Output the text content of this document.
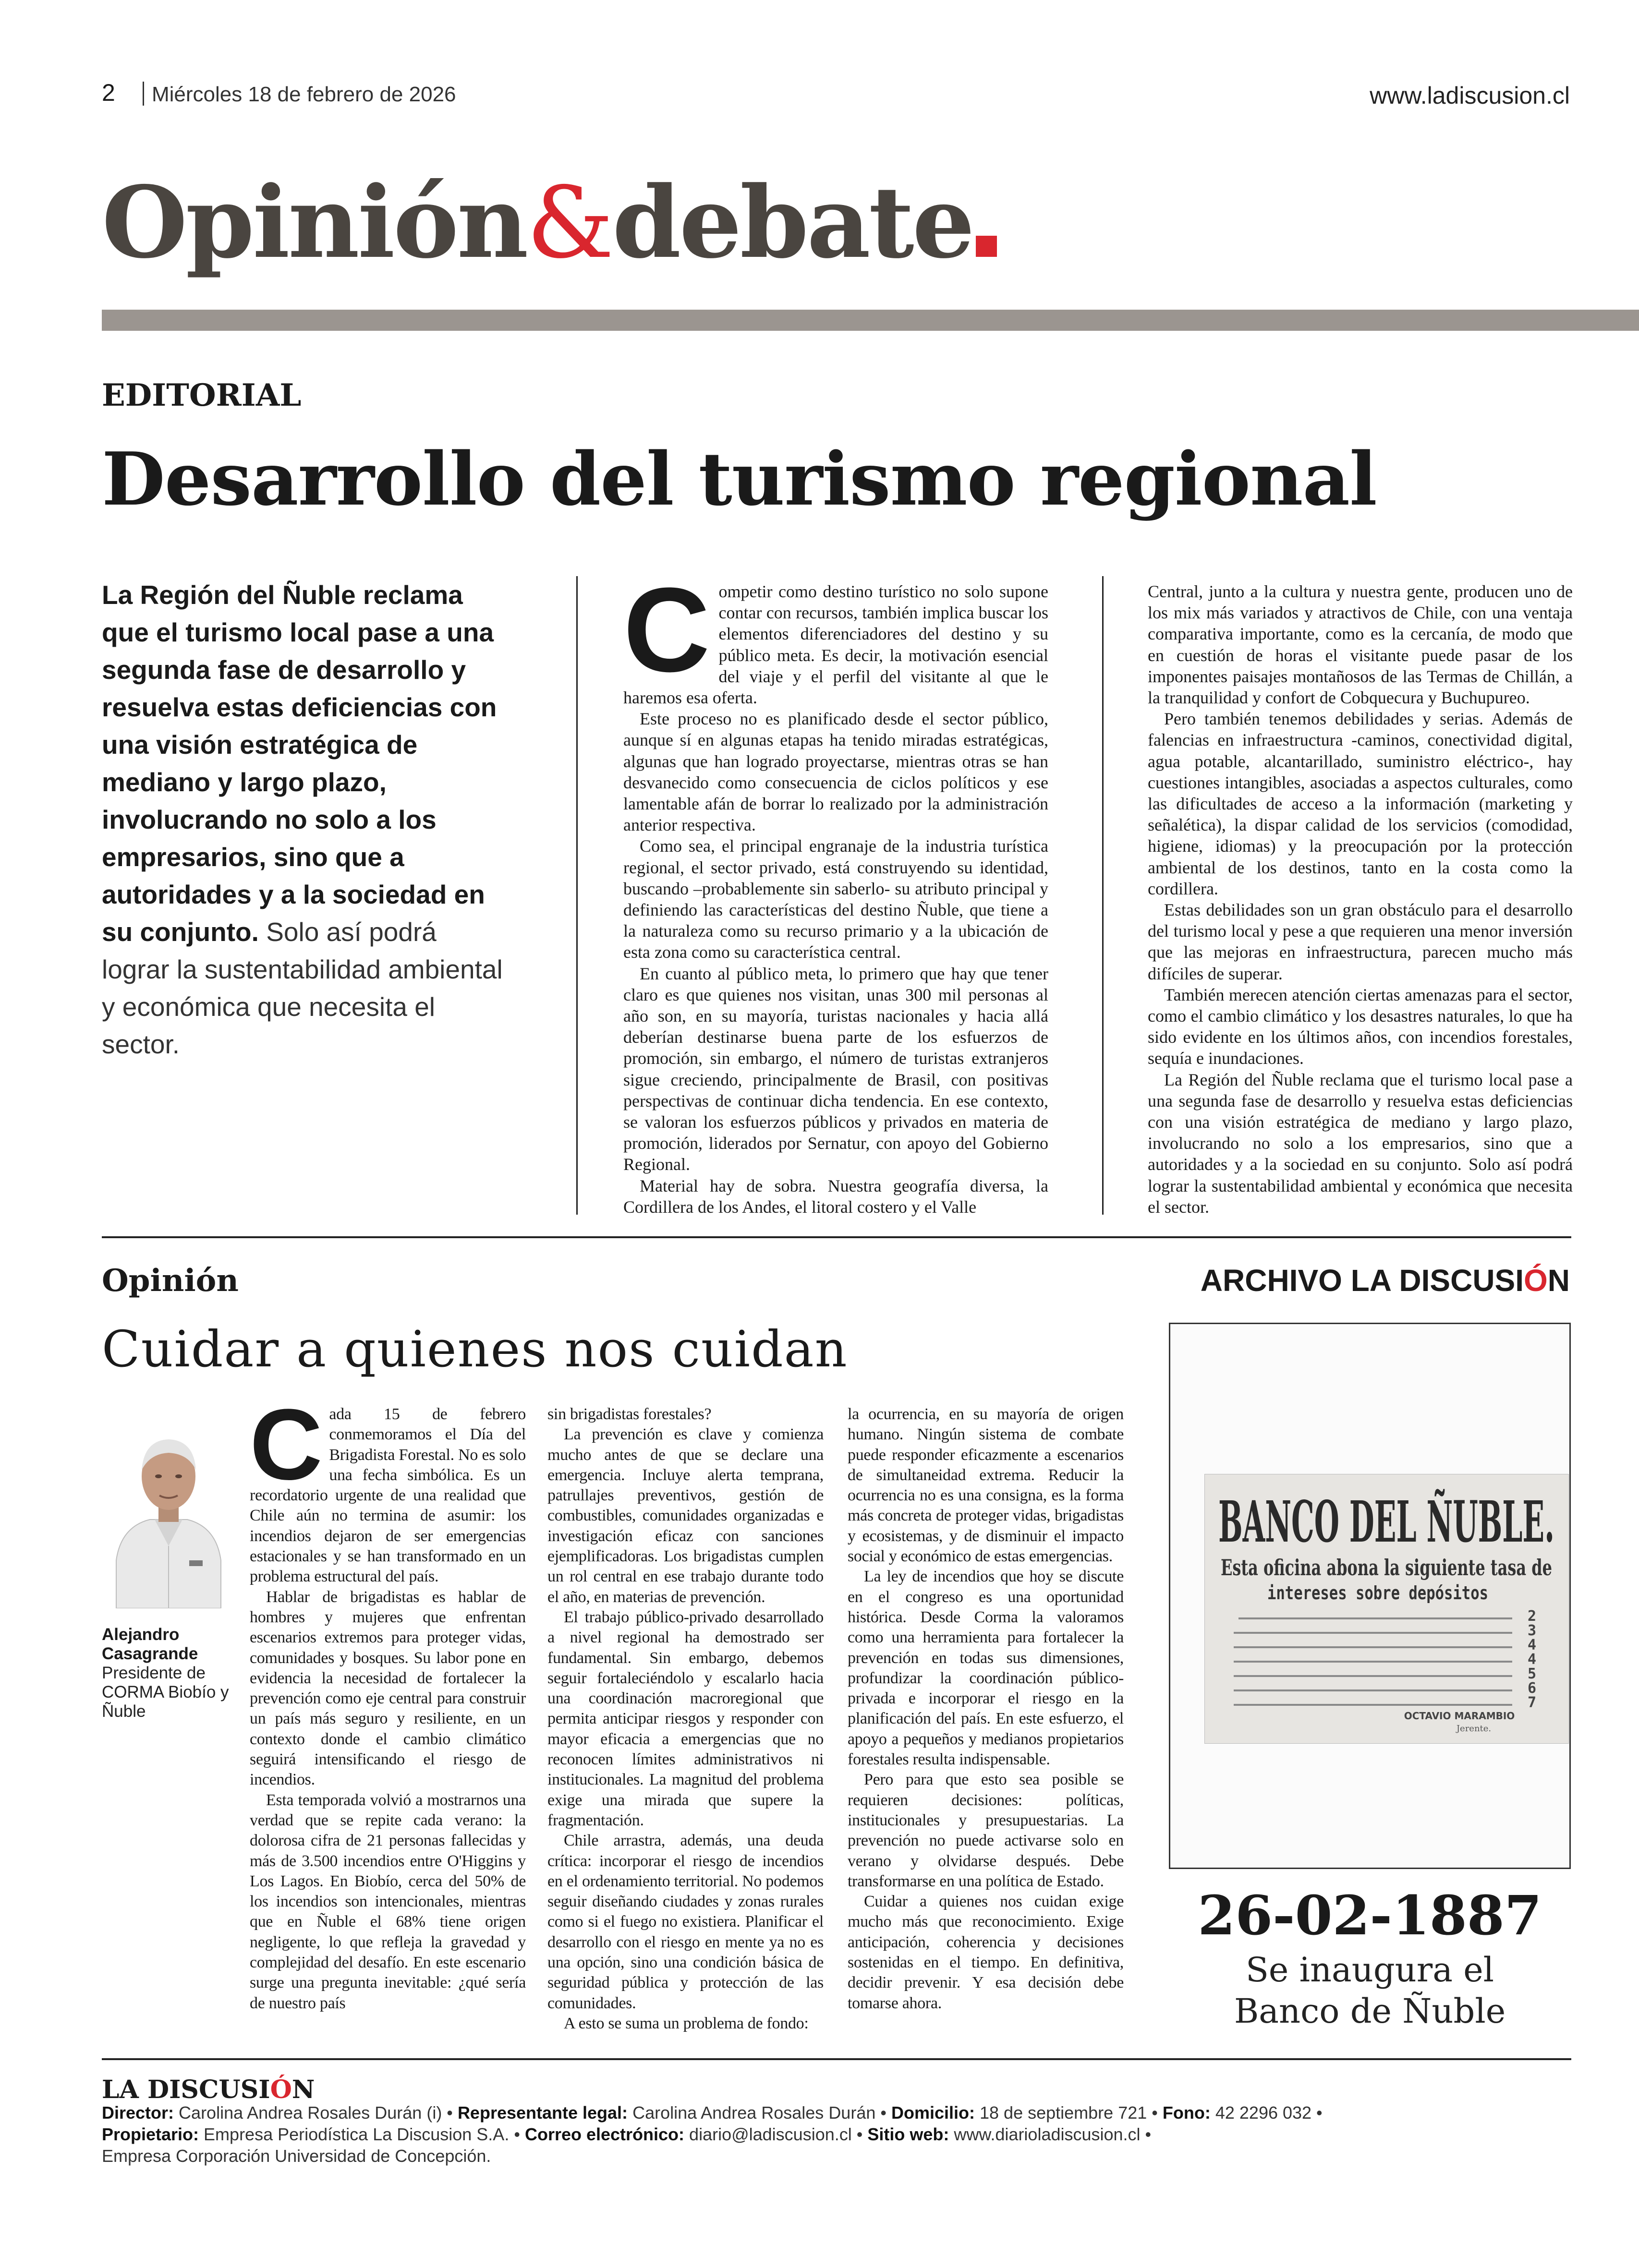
2 Miércoles 18 de febrero de 2026	www.ladiscusion.cl
Opinión&debate
EDITORIAL
Desarrollo del turismo regional
La Región del Ñuble reclama que el turismo local pase a una segunda fase de desarrollo y resuelva estas deficiencias con una visión estratégica de mediano y largo plazo, involucrando no solo a los empresarios, sino que a autoridades y a la sociedad en su conjunto. Solo así podrá lograr la sustentabilidad ambiental y económica que necesita el sector.
C ompetir como destino turístico no solo supone contar con recursos, también implica buscar los elementos diferenciadores del destino y su público meta. Es decir, la motivación esencial del viaje y el perfil del visitante al que le haremos esa oferta.

Este proceso no es planificado desde el sector público, aunque sí en algunas etapas ha tenido miradas estratégicas, algunas que han logrado proyectarse, mientras otras se han desvanecido como consecuencia de ciclos políticos y ese lamentable afán de borrar lo realizado por la administración anterior respectiva.

Como sea, el principal engranaje de la industria turística regional, el sector privado, está construyendo su identidad, buscando –probablemente sin saberlo- su atributo principal y definiendo las características del destino Ñuble, que tiene a la naturaleza como su recurso primario y a la ubicación de esta zona como su característica central.

En cuanto al público meta, lo primero que hay que tener claro es que quienes nos visitan, unas 300 mil personas al año son, en su mayoría, turistas nacionales y hacia allá deberían destinarse buena parte de los esfuerzos de promoción, sin embargo, el número de turistas extranjeros sigue creciendo, principalmente de Brasil, con positivas perspectivas de continuar dicha tendencia. En ese contexto, se valoran los esfuerzos públicos y privados en materia de promoción, liderados por Sernatur, con apoyo del Gobierno Regional.

Material hay de sobra. Nuestra geografía diversa, la Cordillera de los Andes, el litoral costero y el Valle

Central, junto a la cultura y nuestra gente, producen uno de los mix más variados y atractivos de Chile, con una ventaja comparativa importante, como es la cercanía, de modo que en cuestión de horas el visitante puede pasar de los imponentes paisajes montañosos de las Termas de Chillán, a la tranquilidad y confort de Cobquecura y Buchupureo.

Pero también tenemos debilidades y serias. Además de falencias en infraestructura -caminos, conectividad digital, agua potable, alcantarillado, suministro eléctrico-, hay cuestiones intangibles, asociadas a aspectos culturales, como las dificultades de acceso a la información (marketing y señalética), la dispar calidad de los servicios (comodidad, higiene, idiomas) y la preocupación por la protección ambiental de los destinos, tanto en la costa como la cordillera.

Estas debilidades son un gran obstáculo para el desarrollo del turismo local y pese a que requieren una menor inversión que las mejoras en infraestructura, parecen mucho más difíciles de superar.

También merecen atención ciertas amenazas para el sector, como el cambio climático y los desastres naturales, lo que ha sido evidente en los últimos años, con incendios forestales, sequía e inundaciones.

La Región del Ñuble reclama que el turismo local pase a una segunda fase de desarrollo y resuelva estas deficiencias con una visión estratégica de mediano y largo plazo, involucrando no solo a los empresarios, sino que a autoridades y a la sociedad en su conjunto. Solo así podrá lograr la sustentabilidad ambiental y económica que necesita el sector.

Opinión
Cuidar a quienes nos cuidan
Alejandro Casagrande
Presidente de CORMA Biobío y Ñuble
C ada 15 de febrero conmemoramos el Día del Brigadista Forestal. No es solo una fecha simbólica. Es un recordatorio urgente de una realidad que Chile aún no termina de asumir: los incendios dejaron de ser emergencias estacionales y se han transformado en un problema estructural del país.

Hablar de brigadistas es hablar de hombres y mujeres que enfrentan escenarios extremos para proteger vidas, comunidades y bosques. Su labor pone en evidencia la necesidad de fortalecer la prevención como eje central para construir un país más seguro y resiliente, en un contexto donde el cambio climático seguirá intensificando el riesgo de incendios.

Esta temporada volvió a mostrarnos una verdad que se repite cada verano: la dolorosa cifra de 21 personas fallecidas y más de 3.500 incendios entre O'Higgins y Los Lagos. En Biobío, cerca del 50% de los incendios son intencionales, mientras que en Ñuble el 68% tiene origen negligente, lo que refleja la gravedad y complejidad del desafío. En este escenario surge una pregunta inevitable: ¿qué sería de nuestro país

sin brigadistas forestales?

La prevención es clave y comienza mucho antes de que se declare una emergencia. Incluye alerta temprana, patrullajes preventivos, gestión de combustibles, comunidades organizadas e investigación eficaz con sanciones ejemplificadoras. Los brigadistas cumplen un rol central en ese trabajo durante todo el año, en materias de prevención.

El trabajo público-privado desarrollado a nivel regional ha demostrado ser fundamental. Sin embargo, debemos seguir fortaleciéndolo y escalarlo hacia una coordinación macroregional que permita anticipar riesgos y responder con mayor eficacia a emergencias que no reconocen límites administrativos ni institucionales. La magnitud del problema exige una mirada que supere la fragmentación.

Chile arrastra, además, una deuda crítica: incorporar el riesgo de incendios en el ordenamiento territorial. No podemos seguir diseñando ciudades y zonas rurales como si el fuego no existiera. Planificar el desarrollo con el riesgo en mente ya no es una opción, sino una condición básica de seguridad pública y protección de las comunidades.

A esto se suma un problema de fondo:

la ocurrencia, en su mayoría de origen humano. Ningún sistema de combate puede responder eficazmente a escenarios de simultaneidad extrema. Reducir la ocurrencia no es una consigna, es la forma más concreta de proteger vidas, brigadistas y ecosistemas, y de disminuir el impacto social y económico de estas emergencias.

La ley de incendios que hoy se discute en el congreso es una oportunidad histórica. Desde Corma la valoramos como una herramienta para fortalecer la prevención en todas sus dimensiones, profundizar la coordinación público-privada e incorporar el riesgo en la planificación del país. En este esfuerzo, el apoyo a pequeños y medianos propietarios forestales resulta indispensable.

Pero para que esto sea posible se requieren decisiones: políticas, institucionales y presupuestarias. La prevención no puede activarse solo en verano y olvidarse después. Debe transformarse en una política de Estado.

Cuidar a quienes nos cuidan exige mucho más que reconocimiento. Exige anticipación, coherencia y decisiones sostenidas en el tiempo. En definitiva, decidir prevenir. Y esa decisión debe tomarse ahora.

ARCHIVO LA DISCUSIÓN
BANCO DEL ÑUBLE.
Esta oficina abona la siguiente tasa de
intereses sobre depósitos
2
3
4
4
5
6
7
OCTAVIO MARAMBIO
Jerente.
26-02-1887
Se inaugura el
Banco de Ñuble
LA DISCUSIÓN
Director: Carolina Andrea Rosales Durán (i) • Representante legal: Carolina Andrea Rosales Durán • Domicilio: 18 de septiembre 721 • Fono: 42 2296 032 •
Propietario: Empresa Periodística La Discusion S.A. • Correo electrónico: diario@ladiscusion.cl • Sitio web: www.diarioladiscusion.cl •
Empresa Corporación Universidad de Concepción.
